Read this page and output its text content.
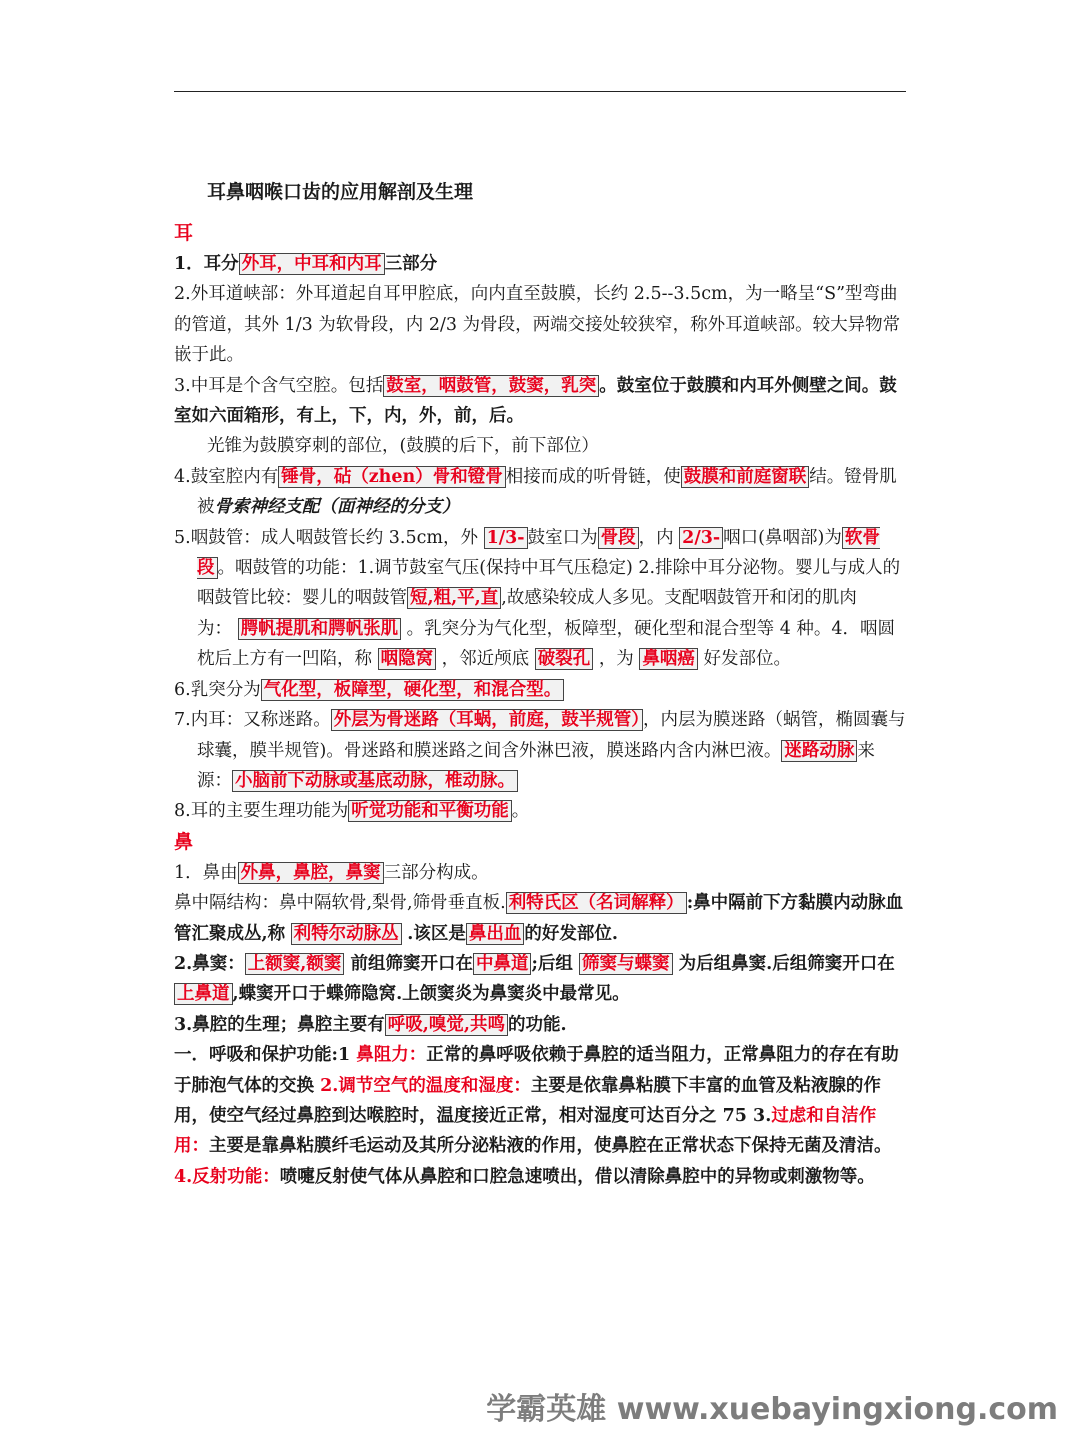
耳鼻咽喉口齿的应用解剖及生理
耳

1．耳分 外耳，中耳和内耳 三部分

2.外耳道峡部：外耳道起自耳甲腔底，向内直至鼓膜，长约 2.5--3.5cm，为一略呈“S”型弯曲的管道，其外 1/3 为软骨段，内 2/3 为骨段，两端交接处较狭窄，称外耳道峡部。较大异物常嵌于此。

3.中耳是个含气空腔。包括 鼓室，咽鼓管，鼓窦，乳突 。鼓室位于鼓膜和内耳外侧壁之间。鼓室如六面箱形，有上，下，内，外，前，后。

光锥为鼓膜穿刺的部位，(鼓膜的后下，前下部位）

4.鼓室腔内有 锤骨，砧（zhen）骨和镫骨 相接而成的听骨链，使 鼓膜和前庭窗联 结。镫骨肌被骨索神经支配（面神经的分支）

5.咽鼓管：成人咽鼓管长约 3.5cm，外 1/3- 鼓室口为 骨段 ，内 2/3- 咽口(鼻咽部)为 软骨段 。咽鼓管的功能：1.调节鼓室气压(保持中耳气压稳定) 2.排除中耳分泌物。婴儿与成人的咽鼓管比较：婴儿的咽鼓管 短,粗,平,直 ,故感染较成人多见。支配咽鼓管开和闭的肌肉为： 腭帆提肌和腭帆张肌 。乳突分为气化型，板障型，硬化型和混合型等 4 种。4．咽圆枕后上方有一凹陷，称 咽隐窝 ，邻近颅底 破裂孔 ，为 鼻咽癌 好发部位。

6.乳突分为 气化型，板障型，硬化型，和混合型。

7.内耳：又称迷路。 外层为骨迷路（耳蜗，前庭，鼓半规管） ，内层为膜迷路（蜗管，椭圆囊与球囊，膜半规管)。骨迷路和膜迷路之间含外淋巴液，膜迷路内含内淋巴液。 迷路动脉 来源： 小脑前下动脉或基底动脉，椎动脉。

8.耳的主要生理功能为 听觉功能和平衡功能 。

鼻

1．鼻由 外鼻，鼻腔，鼻窦 三部分构成。

鼻中隔结构：鼻中隔软骨,梨骨,筛骨垂直板. 利特氏区（名词解释） :鼻中隔前下方黏膜内动脉血管汇聚成丛,称 利特尔动脉丛 .该区是 鼻出血 的好发部位.

2.鼻窦： 上额窦,额窦 前组筛窦开口在 中鼻道 ;后组 筛窦与蝶窦 为后组鼻窦.后组筛窦开口在上鼻道 ,蝶窦开口于蝶筛隐窝.上颌窦炎为鼻窦炎中最常见。

3.鼻腔的生理；鼻腔主要有 呼吸,嗅觉,共鸣 的功能.

一．呼吸和保护功能:1 鼻阻力：正常的鼻呼吸依赖于鼻腔的适当阻力，正常鼻阻力的存在有助于肺泡气体的交换 2.调节空气的温度和湿度：主要是依靠鼻粘膜下丰富的血管及粘液腺的作用，使空气经过鼻腔到达喉腔时，温度接近正常，相对湿度可达百分之 75 3.过虑和自洁作用：主要是靠鼻粘膜纤毛运动及其所分泌粘液的作用，使鼻腔在正常状态下保持无菌及清洁。4.反射功能：喷嚏反射使气体从鼻腔和口腔急速喷出，借以清除鼻腔中的异物或刺激物等。

学霸英雄 www.xuebayingxiong.com
